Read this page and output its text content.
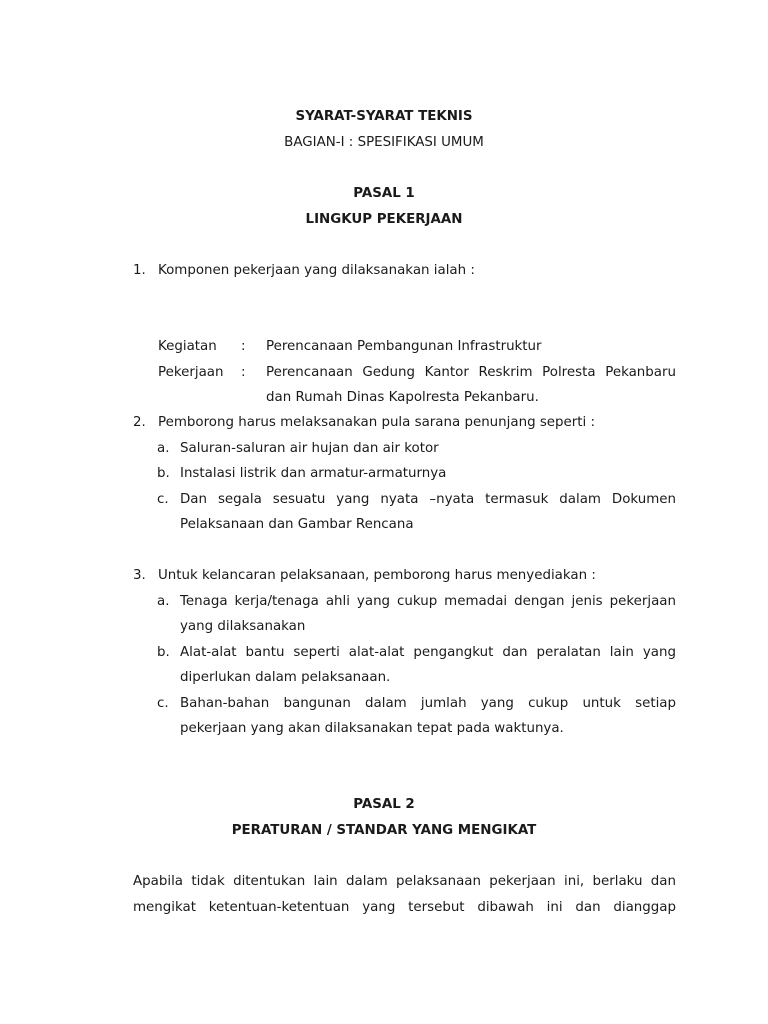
SYARAT-SYARAT TEKNIS
BAGIAN-I : SPESIFIKASI UMUM
PASAL 1
LINGKUP PEKERJAAN
1. Komponen pekerjaan yang dilaksanakan ialah :
Kegiatan : Perencanaan Pembangunan Infrastruktur
Pekerjaan : Perencanaan Gedung Kantor Reskrim Polresta Pekanbaru
dan Rumah Dinas Kapolresta Pekanbaru.
2. Pemborong harus melaksanakan pula sarana penunjang seperti :
a. Saluran-saluran air hujan dan air kotor
b. Instalasi listrik dan armatur-armaturnya
c. Dan segala sesuatu yang nyata –nyata termasuk dalam Dokumen
Pelaksanaan dan Gambar Rencana
3. Untuk kelancaran pelaksanaan, pemborong harus menyediakan :
a. Tenaga kerja/tenaga ahli yang cukup memadai dengan jenis pekerjaan
yang dilaksanakan
b. Alat-alat bantu seperti alat-alat pengangkut dan peralatan lain yang
diperlukan dalam pelaksanaan.
c. Bahan-bahan bangunan dalam jumlah yang cukup untuk setiap
pekerjaan yang akan dilaksanakan tepat pada waktunya.
PASAL 2
PERATURAN / STANDAR YANG MENGIKAT
Apabila tidak ditentukan lain dalam pelaksanaan pekerjaan ini, berlaku dan
mengikat ketentuan-ketentuan yang tersebut dibawah ini dan dianggap
